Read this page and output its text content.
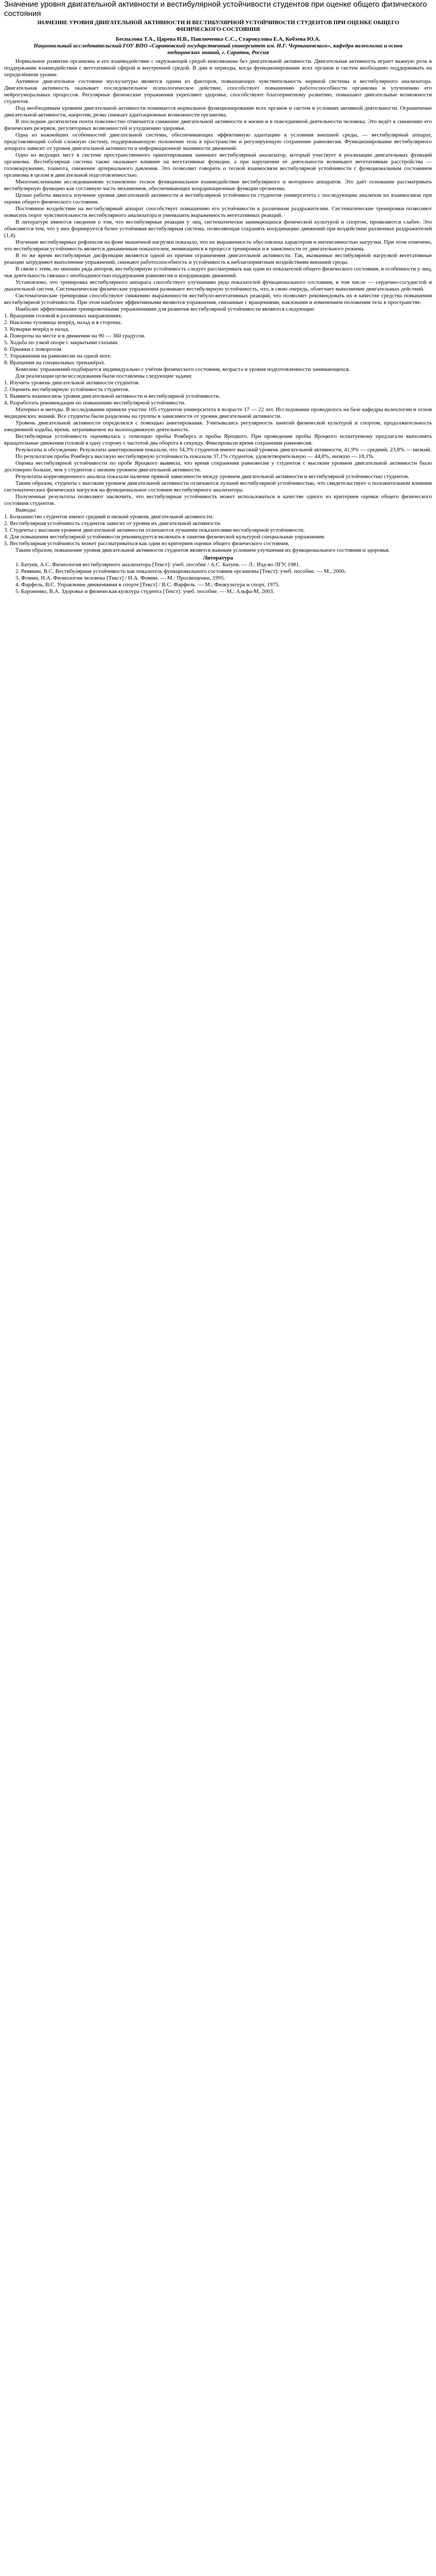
Значение уровня двигательной активности и вестибулярной устойчивости студентов при оценке общего физического состояния
ЗНАЧЕНИЕ УРОВНЯ ДВИГАТЕЛЬНОЙ АКТИВНОСТИ И ВЕСТИБУЛЯРНОЙ УСТОЙЧИВОСТИ СТУДЕНТОВ ПРИ ОЦЕНКЕ ОБЩЕГО ФИЗИЧЕСКОГО СОСТОЯНИЯ
Беспалова Т.А., Царева Н.В., Павлюченко С.С., Старокулова Е.А, Кобзева Ю.А.
Национальный исследовательский ГОУ ВПО «Саратовский государственный университет им. Н.Г. Чернышевского», кафедра валеологии и основ медицинских знаний, г. Саратов, Россия

Нормальное развитие организма и его взаимодействие с окружающей средой невозможны без двигательной активности. Двигательная активность играет важную роль в поддержании взаимодействия с вегетативной сферой и внутренней средой. В дни и периоды, когда функционирование всех органов и систем необходимо поддерживать на определённом уровне.

Активное двигательное состояние мускулатуры является одним из факторов, повышающих чувствительность нервной системы и вестибулярного анализатора. Двигательная активность оказывает последовательное психологическое действие, способствует повышению работоспособности организма и улучшению его нейрогуморальных процессов. Регулярные физические упражнения укрепляют здоровье, способствуют благоприятному развитию, повышают двигательные возможности студентов.

Под необходимым уровнем двигательной активности понимается нормальное функционирование всех органов и систем в условиях активной деятельности. Ограничение двигательной активности, напротив, резко снижает адаптационные возможности организма.

В последние десятилетия почти повсеместно отмечается снижение двигательной активности в жизни и в повседневной деятельности человека. Это ведёт к снижению его физических резервов, регуляторных возможностей и ухудшению здоровья.

Одна из важнейших особенностей двигательной системы, обеспечивающих эффективную адаптацию к условиям внешней среды, — вестибулярный аппарат, представляющий собой сложную систему, поддерживающую положение тела в пространстве и регулирующую сохранение равновесия. Функционирование вестибулярного аппарата зависит от уровня двигательной активности и информационной значимости движений.

Одно из ведущих мест в системе пространственного ориентирования занимает вестибулярный анализатор, который участвует в реализации двигательных функций организма. Вестибулярная система также оказывает влияние на вегетативные функции, а при нарушении её деятельности возникают вегетативные расстройства — головокружение, тошнота, снижение артериального давления. Это позволяет говорить о тесной взаимосвязи вестибулярной устойчивости с функциональным состоянием организма в целом и двигательной подготовленностью.

Многочисленными исследованиями установлено тесное функциональное взаимодействие вестибулярного и моторного аппаратов. Это даёт основание рассматривать вестибулярную функцию как составную часть механизмов, обеспечивающих координационные функции организма.

Целью работы явилось изучение уровня двигательной активности и вестибулярной устойчивости студентов университета с последующим анализом их взаимосвязи при оценке общего физического состояния.

Постоянное воздействие на вестибулярный аппарат способствует повышению его устойчивости к различным раздражителям. Систематические тренировки позволяют повысить порог чувствительности вестибулярного анализатора и уменьшить выраженность вегетативных реакций.

В литературе имеются сведения о том, что вестибулярные реакции у лиц, систематически занимающихся физической культурой и спортом, проявляются слабее. Это объясняется тем, что у них формируется более устойчивая вестибулярная система, позволяющая сохранять координацию движений при воздействии различных раздражителей (1,4).

Изучение вестибулярных рефлексов на фоне мышечной нагрузки показало, что их выраженность обусловлена характером и интенсивностью нагрузки. При этом отмечено, что вестибулярная устойчивость является динамичным показателем, меняющимся в процессе тренировки и в зависимости от двигательного режима.

В то же время вестибулярные дисфункции являются одной из причин ограничения двигательной активности. Так, вызванные вестибулярной нагрузкой вегетативные реакции затрудняют выполнение упражнений, снижают работоспособность и устойчивость к неблагоприятным воздействиям внешней среды.

В связи с этим, по мнению ряда авторов, вестибулярную устойчивость следует рассматривать как один из показателей общего физического состояния, в особенности у лиц, чья деятельность связана с необходимостью поддержания равновесия и координации движений.

Установлено, что тренировка вестибулярного аппарата способствует улучшению ряда показателей функционального состояния, в том числе — сердечно-сосудистой и дыхательной систем. Систематические физические упражнения развивают вестибулярную устойчивость, что, в свою очередь, облегчает выполнение двигательных действий.

Систематические тренировки способствуют снижению выраженности вестибуло-вегетативных реакций, что позволяет рекомендовать их в качестве средства повышения вестибулярной устойчивости. При этом наиболее эффективными являются упражнения, связанные с вращениями, наклонами и изменением положения тела в пространстве.

Наиболее эффективными тренировочными упражнениями для развития вестибулярной устойчивости являются следующие:

1. Вращения головой в различных направлениях.

2. Наклоны туловища вперёд, назад и в стороны.

3. Кувырки вперёд и назад.

4. Повороты на месте и в движении на 90 — 360 градусов.

5. Ходьба по узкой опоре с закрытыми глазами.

6. Прыжки с поворотом.

7. Упражнения на равновесие на одной ноге.

8. Вращения на специальных тренажёрах.

Комплекс упражнений подбирается индивидуально с учётом физического состояния, возраста и уровня подготовленности занимающихся.

Для реализации цели исследования были поставлены следующие задачи:

1. Изучить уровень двигательной активности студентов.

2. Оценить вестибулярную устойчивость студентов.

3. Выявить взаимосвязь уровня двигательной активности и вестибулярной устойчивости.

4. Разработать рекомендации по повышению вестибулярной устойчивости.

Материал и методы. В исследовании приняли участие 105 студентов университета в возрасте 17 — 22 лет. Исследование проводилось на базе кафедры валеологии и основ медицинских знаний. Все студенты были разделены на группы в зависимости от уровня двигательной активности.

Уровень двигательной активности определялся с помощью анкетирования. Учитывались регулярность занятий физической культурой и спортом, продолжительность ежедневной ходьбы, время, затрачиваемое на малоподвижную деятельность.

Вестибулярная устойчивость оценивалась с помощью пробы Ромберга и пробы Яроцкого. При проведении пробы Яроцкого испытуемому предлагали выполнять вращательные движения головой в одну сторону с частотой два оборота в секунду. Фиксировали время сохранения равновесия.

Результаты и обсуждение. Результаты анкетирования показали, что 34,3% студентов имеют высокий уровень двигательной активности, 41,9% — средний, 23,8% — низкий.

По результатам пробы Ромберга высокую вестибулярную устойчивость показали 37,1% студентов, удовлетворительную — 44,8%, низкую — 18,1%.

Оценка вестибулярной устойчивости по пробе Яроцкого выявила, что время сохранения равновесия у студентов с высоким уровнем двигательной активности было достоверно больше, чем у студентов с низким уровнем двигательной активности.

Результаты корреляционного анализа показали наличие прямой зависимости между уровнем двигательной активности и вестибулярной устойчивостью студентов.

Таким образом, студенты с высоким уровнем двигательной активности отличаются лучшей вестибулярной устойчивостью, что свидетельствует о положительном влиянии систематических физических нагрузок на функциональное состояние вестибулярного анализатора.

Полученные результаты позволяют заключить, что вестибулярная устойчивость может использоваться в качестве одного из критериев оценки общего физического состояния студентов.

Выводы:

1. Большинство студентов имеют средний и низкий уровень двигательной активности.

2. Вестибулярная устойчивость студентов зависит от уровня их двигательной активности.

3. Студенты с высоким уровнем двигательной активности отличаются лучшими показателями вестибулярной устойчивости.

4. Для повышения вестибулярной устойчивости рекомендуется включать в занятия физической культурой специальные упражнения.

5. Вестибулярная устойчивость может рассматриваться как один из критериев оценки общего физического состояния.

Таким образом, повышение уровня двигательной активности студентов является важным условием улучшения их функционального состояния и здоровья.

Литература

1. Батуев, А.С. Физиология вестибулярного анализатора [Текст]: учеб. пособие / А.С. Батуев. — Л.: Изд-во ЛГУ, 1981.

2. Ревякин, В.С. Вестибулярная устойчивость как показатель функционального состояния организма [Текст]: учеб. пособие. — М., 2000.

3. Фомин, Н.А. Физиология человека [Текст] / Н.А. Фомин. — М.: Просвещение, 1995.

4. Фарфель, В.С. Управление движениями в спорте [Текст] / В.С. Фарфель. — М.: Физкультура и спорт, 1975.

5. Бароненко, В.А. Здоровье и физическая культура студента [Текст]: учеб. пособие. — М.: Альфа-М, 2003.
